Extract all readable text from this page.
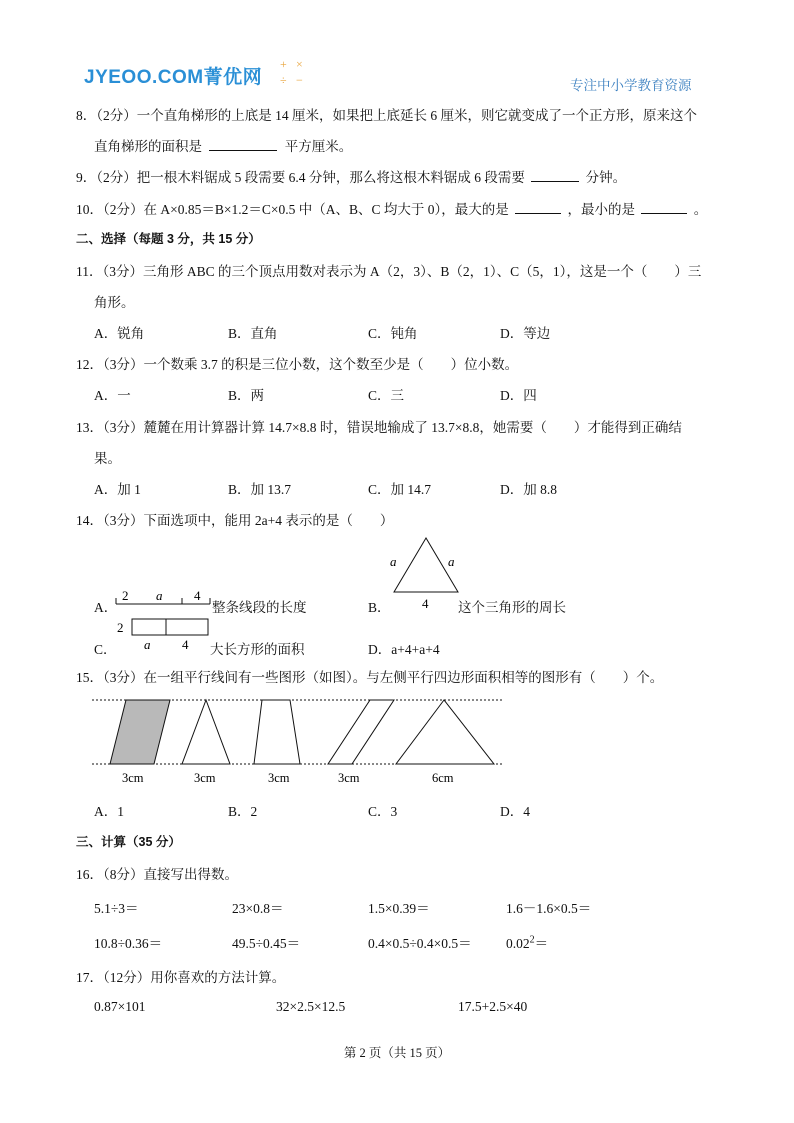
JYEOO.COM菁优网
+ ×
÷ −	专注中小学教育资源
8．（2分）一个直角梯形的上底是 14 厘米，如果把上底延长 6 厘米，则它就变成了一个正方形，原来这个
直角梯形的面积是	平方厘米。
9．（2分）把一根木料锯成 5 段需要 6.4 分钟，那么将这根木料锯成 6 段需要	分钟。
10．（2分）在 A×0.85＝B×1.2＝C×0.5 中（A、B、C 均大于 0），最大的是	，最小的是	。
二、选择（每题 3 分，共 15 分）
11．（3分）三角形 ABC 的三个顶点用数对表示为 A（2，3）、B（2，1）、C（5，1），这是一个（　　）三
角形。
A．锐角	B．直角	C．钝角	D．等边
12．（3分）一个数乘 3.7 的积是三位小数，这个数至少是（　　）位小数。
A．一	B．两	C．三	D．四
13．（3分）麓麓在用计算器计算 14.7×8.8 时，错误地输成了 13.7×8.8，她需要（　　）才能得到正确结
果。
A．加 1	B．加 13.7	C．加 14.7	D．加 8.8
14．（3分）下面选项中，能用 2a+4 表示的是（　　）
A．
2 a 4
整条线段的长度	B．
a	a
4 这个三角形的周长
C．
2
a 4 大长方形的面积	D．a+4+a+4
15．（3分）在一组平行线间有一些图形（如图）。与左侧平行四边形面积相等的图形有（　　）个。
3cm	3cm	3cm	3cm	6cm
A．1	B．2	C．3	D．4
三、计算（35 分）
16．（8分）直接写出得数。
5.1÷3＝	23×0.8＝	1.5×0.39＝	1.6－1.6×0.5＝
10.8÷0.36＝	49.5÷0.45＝	0.4×0.5÷0.4×0.5＝	$0.02^2=$
17．（12分）用你喜欢的方法计算。
0.87×101	32×2.5×12.5	17.5+2.5×40
第 2 页（共 15 页）
